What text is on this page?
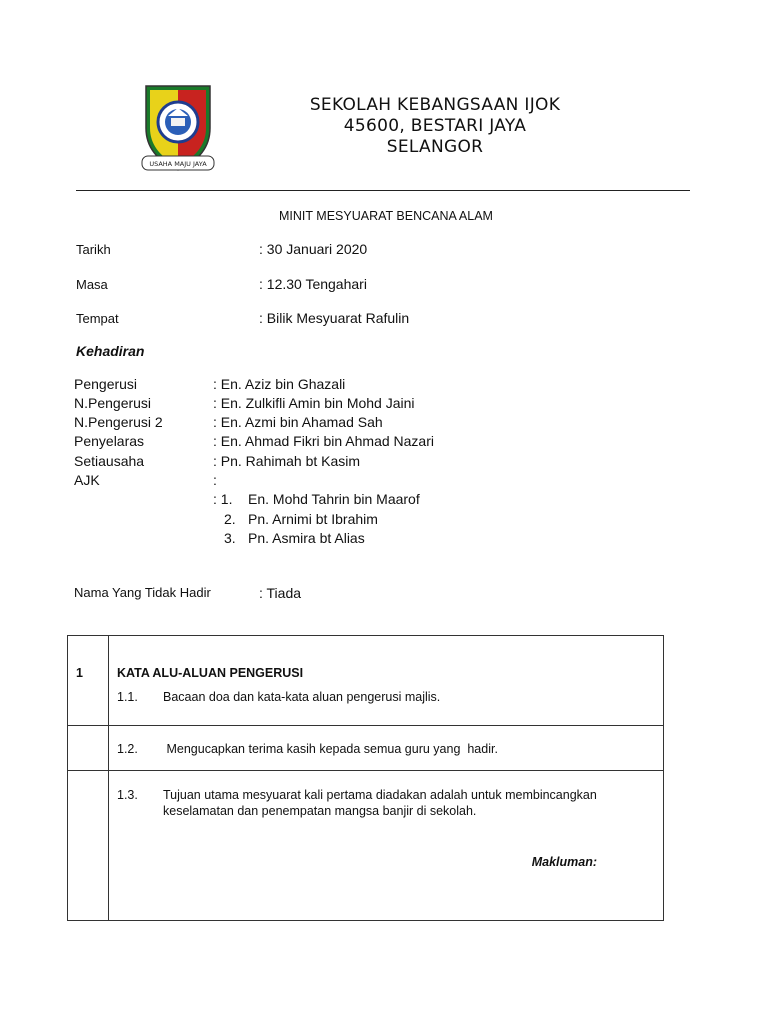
USAHA MAJU JAYA
SEKOLAH KEBANGSAAN IJOK
45600, BESTARI JAYA
SELANGOR
MINIT MESYUARAT BENCANA ALAM
Tarikh	: 30 Januari 2020
Masa	: 12.30 Tengahari
Tempat	: Bilik Mesyuarat Rafulin
Kehadiran
Pengerusi	: En. Aziz bin Ghazali
N.Pengerusi	: En. Zulkifli Amin bin Mohd Jaini
N.Pengerusi 2	: En. Azmi bin Ahamad Sah
Penyelaras	: En. Ahmad Fikri bin Ahmad Nazari
Setiausaha	: Pn. Rahimah bt Kasim
AJK	:
: 1. En. Mohd Tahrin bin Maarof
2. Pn. Arnimi bt Ibrahim
3. Pn. Asmira bt Alias
Nama Yang Tidak Hadir	: Tiada
1	KATA ALU-ALUAN PENGERUSI
1.1. Bacaan doa dan kata-kata aluan pengerusi majlis.

	1.2. Mengucapkan terima kasih kepada semua guru yang  hadir.

	1.3. Tujuan utama mesyuarat kali pertama diadakan adalah untuk membincangkan keselamatan dan penempatan mangsa banjir di sekolah.
Makluman:
